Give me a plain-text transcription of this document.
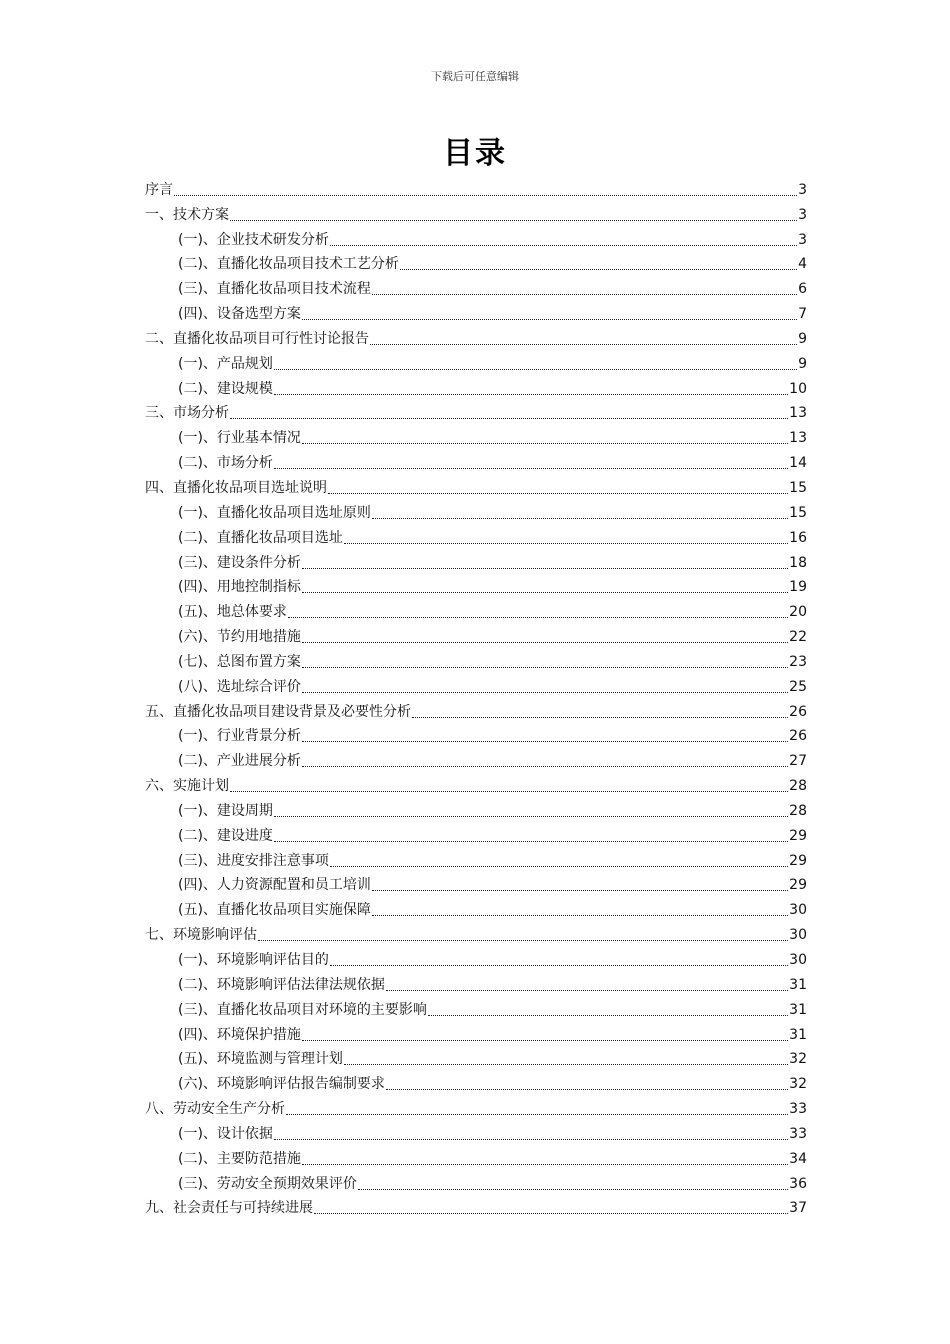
下载后可任意编辑
目录
序言	3
一、技术方案	3
(一)、企业技术研发分析	3
(二)、直播化妆品项目技术工艺分析	4
(三)、直播化妆品项目技术流程	6
(四)、设备选型方案	7
二、直播化妆品项目可行性讨论报告	9
(一)、产品规划	9
(二)、建设规模	10
三、市场分析	13
(一)、行业基本情况	13
(二)、市场分析	14
四、直播化妆品项目选址说明	15
(一)、直播化妆品项目选址原则	15
(二)、直播化妆品项目选址	16
(三)、建设条件分析	18
(四)、用地控制指标	19
(五)、地总体要求	20
(六)、节约用地措施	22
(七)、总图布置方案	23
(八)、选址综合评价	25
五、直播化妆品项目建设背景及必要性分析	26
(一)、行业背景分析	26
(二)、产业进展分析	27
六、实施计划	28
(一)、建设周期	28
(二)、建设进度	29
(三)、进度安排注意事项	29
(四)、人力资源配置和员工培训	29
(五)、直播化妆品项目实施保障	30
七、环境影响评估	30
(一)、环境影响评估目的	30
(二)、环境影响评估法律法规依据	31
(三)、直播化妆品项目对环境的主要影响	31
(四)、环境保护措施	31
(五)、环境监测与管理计划	32
(六)、环境影响评估报告编制要求	32
八、劳动安全生产分析	33
(一)、设计依据	33
(二)、主要防范措施	34
(三)、劳动安全预期效果评价	36
九、社会责任与可持续进展	37
